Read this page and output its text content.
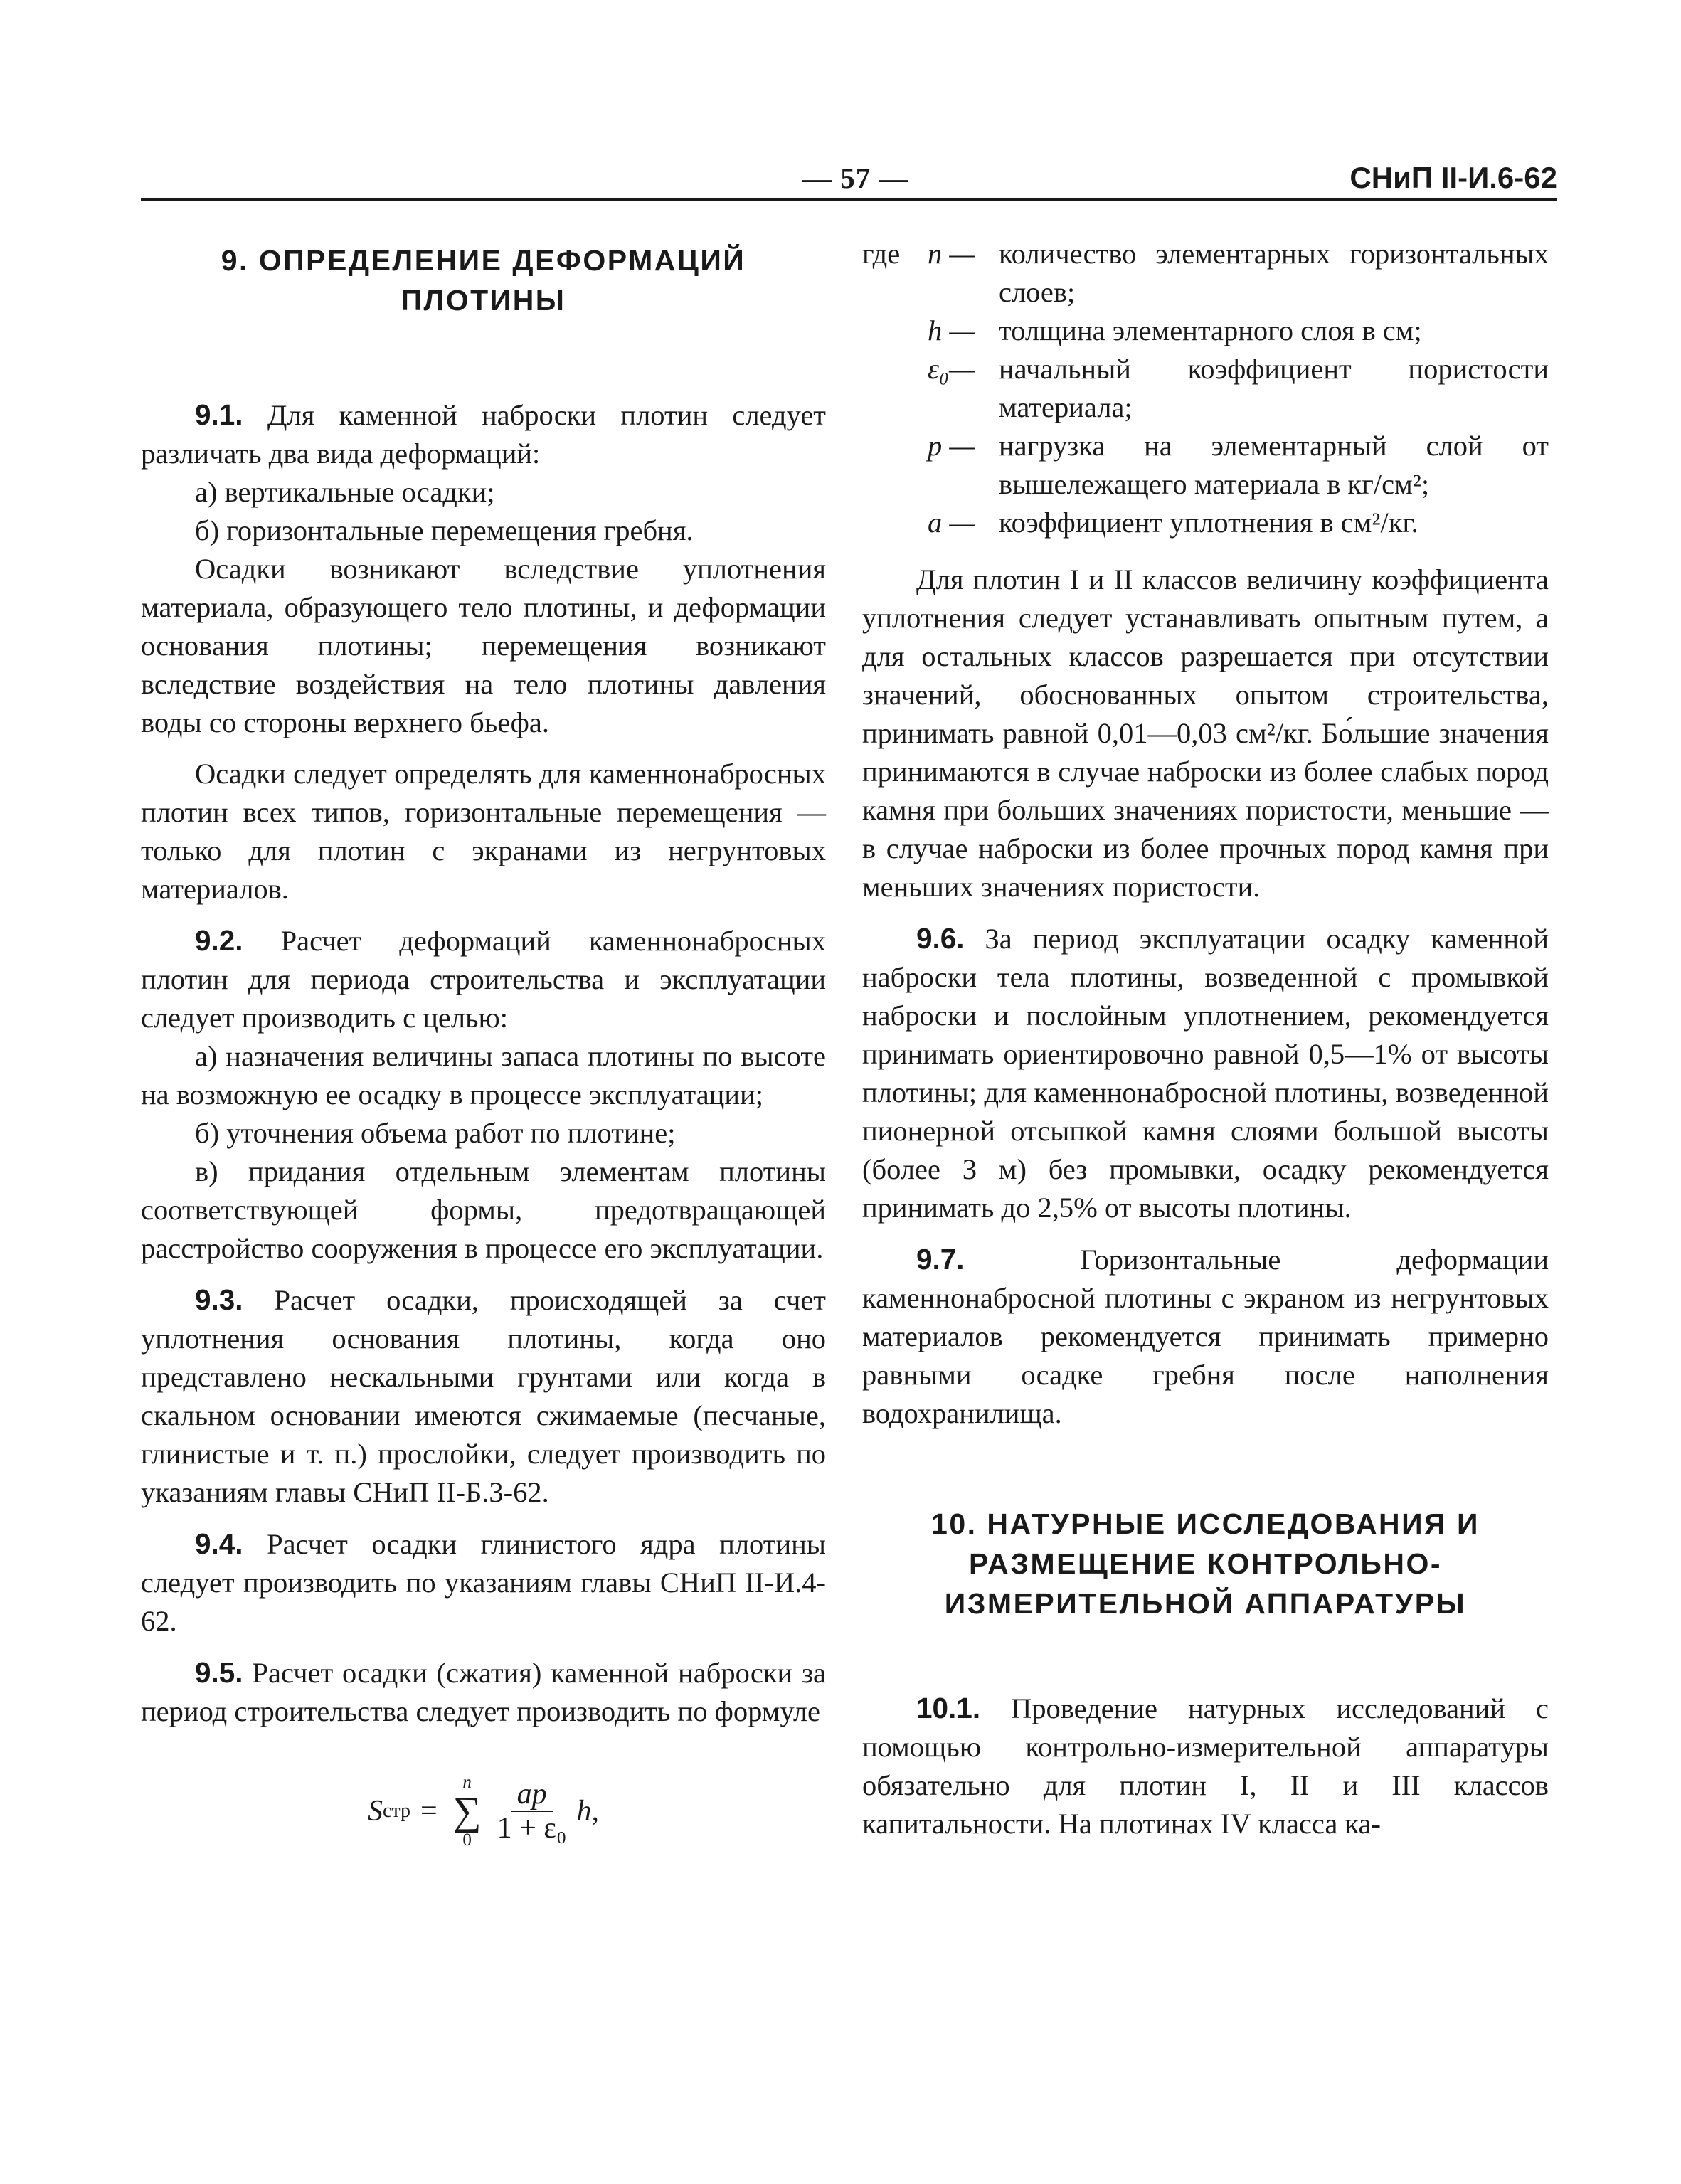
— 57 —	СНиП II-И.6-62
9. ОПРЕДЕЛЕНИЕ ДЕФОРМАЦИЙ ПЛОТИНЫ

9.1. Для каменной наброски плотин следует различать два вида деформаций:

а) вертикальные осадки;

б) горизонтальные перемещения гребня.

Осадки возникают вследствие уплотнения материала, образующего тело плотины, и деформации основания плотины; перемещения возникают вследствие воздействия на тело плотины давления воды со стороны верхнего бьефа.

Осадки следует определять для каменнонабросных плотин всех типов, горизонтальные перемещения — только для плотин с экранами из негрунтовых материалов.

9.2. Расчет деформаций каменнонабросных плотин для периода строительства и эксплуатации следует производить с целью:

а) назначения величины запаса плотины по высоте на возможную ее осадку в процессе эксплуатации;

б) уточнения объема работ по плотине;

в) придания отдельным элементам плотины соответствующей формы, предотвращающей расстройство сооружения в процессе его эксплуатации.

9.3. Расчет осадки, происходящей за счет уплотнения основания плотины, когда оно представлено нескальными грунтами или когда в скальном основании имеются сжимаемые (песчаные, глинистые и т. п.) прослойки, следует производить по указаниям главы СНиП II-Б.3-62.

9.4. Расчет осадки глинистого ядра плотины следует производить по указаниям главы СНиП II-И.4-62.

9.5. Расчет осадки (сжатия) каменной наброски за период строительства следует производить по формуле

S стр =
n
∑
$0 \frac{ap}{\text{1 + ε₀}} h$,
где n — количество элементарных горизонтальных слоев;
h — толщина элементарного слоя в см;
ε₀— начальный коэффициент пористости материала;
p — нагрузка на элементарный слой от вышележащего материала в кг/см²;
a — коэффициент уплотнения в см²/кг.

Для плотин I и II классов величину коэффициента уплотнения следует устанавливать опытным путем, а для остальных классов разрешается при отсутствии значений, обоснованных опытом строительства, принимать равной 0,01—0,03 см²/кг. Бо́льшие значения принимаются в случае наброски из более слабых пород камня при больших значениях пористости, меньшие — в случае наброски из более прочных пород камня при меньших значениях пористости.

9.6. За период эксплуатации осадку каменной наброски тела плотины, возведенной с промывкой наброски и послойным уплотнением, рекомендуется принимать ориентировочно равной 0,5—1% от высоты плотины; для каменнонабросной плотины, возведенной пионерной отсыпкой камня слоями большой высоты (более 3 м) без промывки, осадку рекомендуется принимать до 2,5% от высоты плотины.

9.7.	Горизонтальные деформации каменнонабросной плотины с экраном из негрунтовых материалов рекомендуется принимать примерно равными осадке гребня после наполнения водохранилища.

10. НАТУРНЫЕ ИССЛЕДОВАНИЯ И РАЗМЕЩЕНИЕ КОНТРОЛЬНО-ИЗМЕРИТЕЛЬНОЙ АППАРАТУРЫ

10.1. Проведение натурных исследований с помощью контрольно-измерительной аппаратуры обязательно для плотин I, II и III классов капитальности. На плотинах IV класса ка-
